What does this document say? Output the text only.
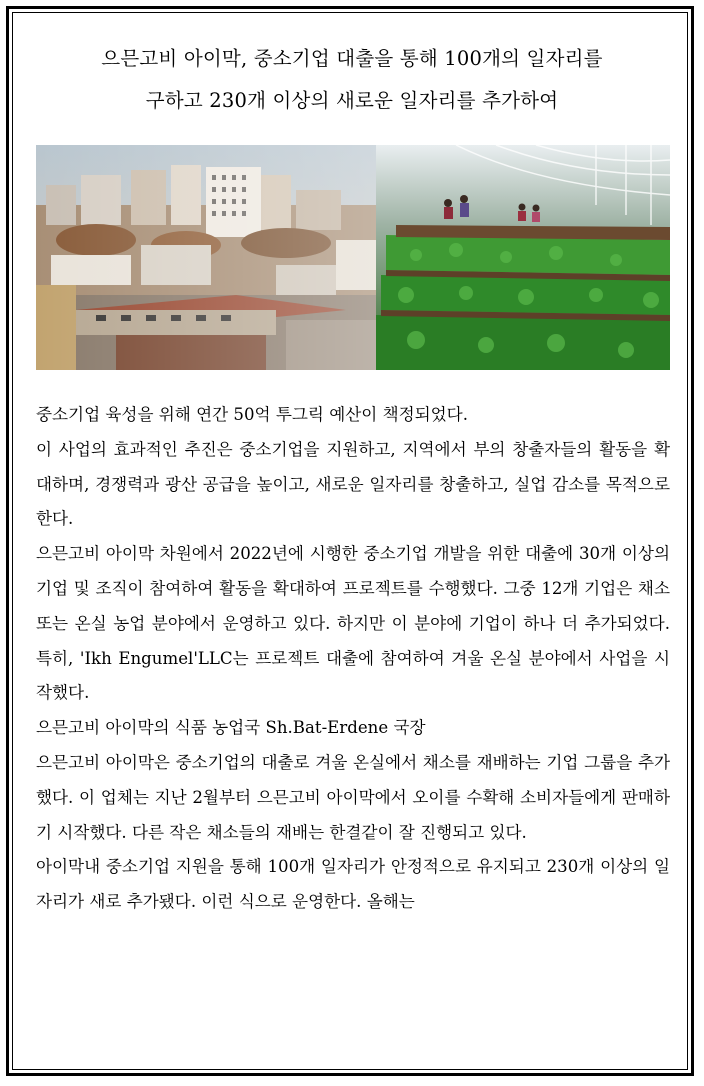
으믄고비 아이막, 중소기업 대출을 통해 100개의 일자리를
구하고 230개 이상의 새로운 일자리를 추가하여

중소기업 육성을 위해 연간 50억 투그릭 예산이 책정되었다.

이 사업의 효과적인 추진은 중소기업을 지원하고, 지역에서 부의 창출자들의 활동을 확대하며, 경쟁력과 광산 공급을 높이고, 새로운 일자리를 창출하고, 실업 감소를 목적으로 한다.

으믄고비 아이막 차원에서 2022년에 시행한 중소기업 개발을 위한 대출에 30개 이상의 기업 및 조직이 참여하여 활동을 확대하여 프로젝트를 수행했다. 그중 12개 기업은 채소 또는 온실 농업 분야에서 운영하고 있다. 하지만 이 분야에 기업이 하나 더 추가되었다. 특히, 'Ikh Engumel'LLC는 프로젝트 대출에 참여하여 겨울 온실 분야에서 사업을 시작했다.

으믄고비 아이막의 식품 농업국 Sh.Bat-Erdene 국장

으믄고비 아이막은 중소기업의 대출로 겨울 온실에서 채소를 재배하는 기업 그룹을 추가했다. 이 업체는 지난 2월부터 으믄고비 아이막에서 오이를 수확해 소비자들에게 판매하기 시작했다. 다른 작은 채소들의 재배는 한결같이 잘 진행되고 있다.

아이막내 중소기업 지원을 통해 100개 일자리가 안정적으로 유지되고 230개 이상의 일자리가 새로 추가됐다. 이런 식으로 운영한다. 올해는
